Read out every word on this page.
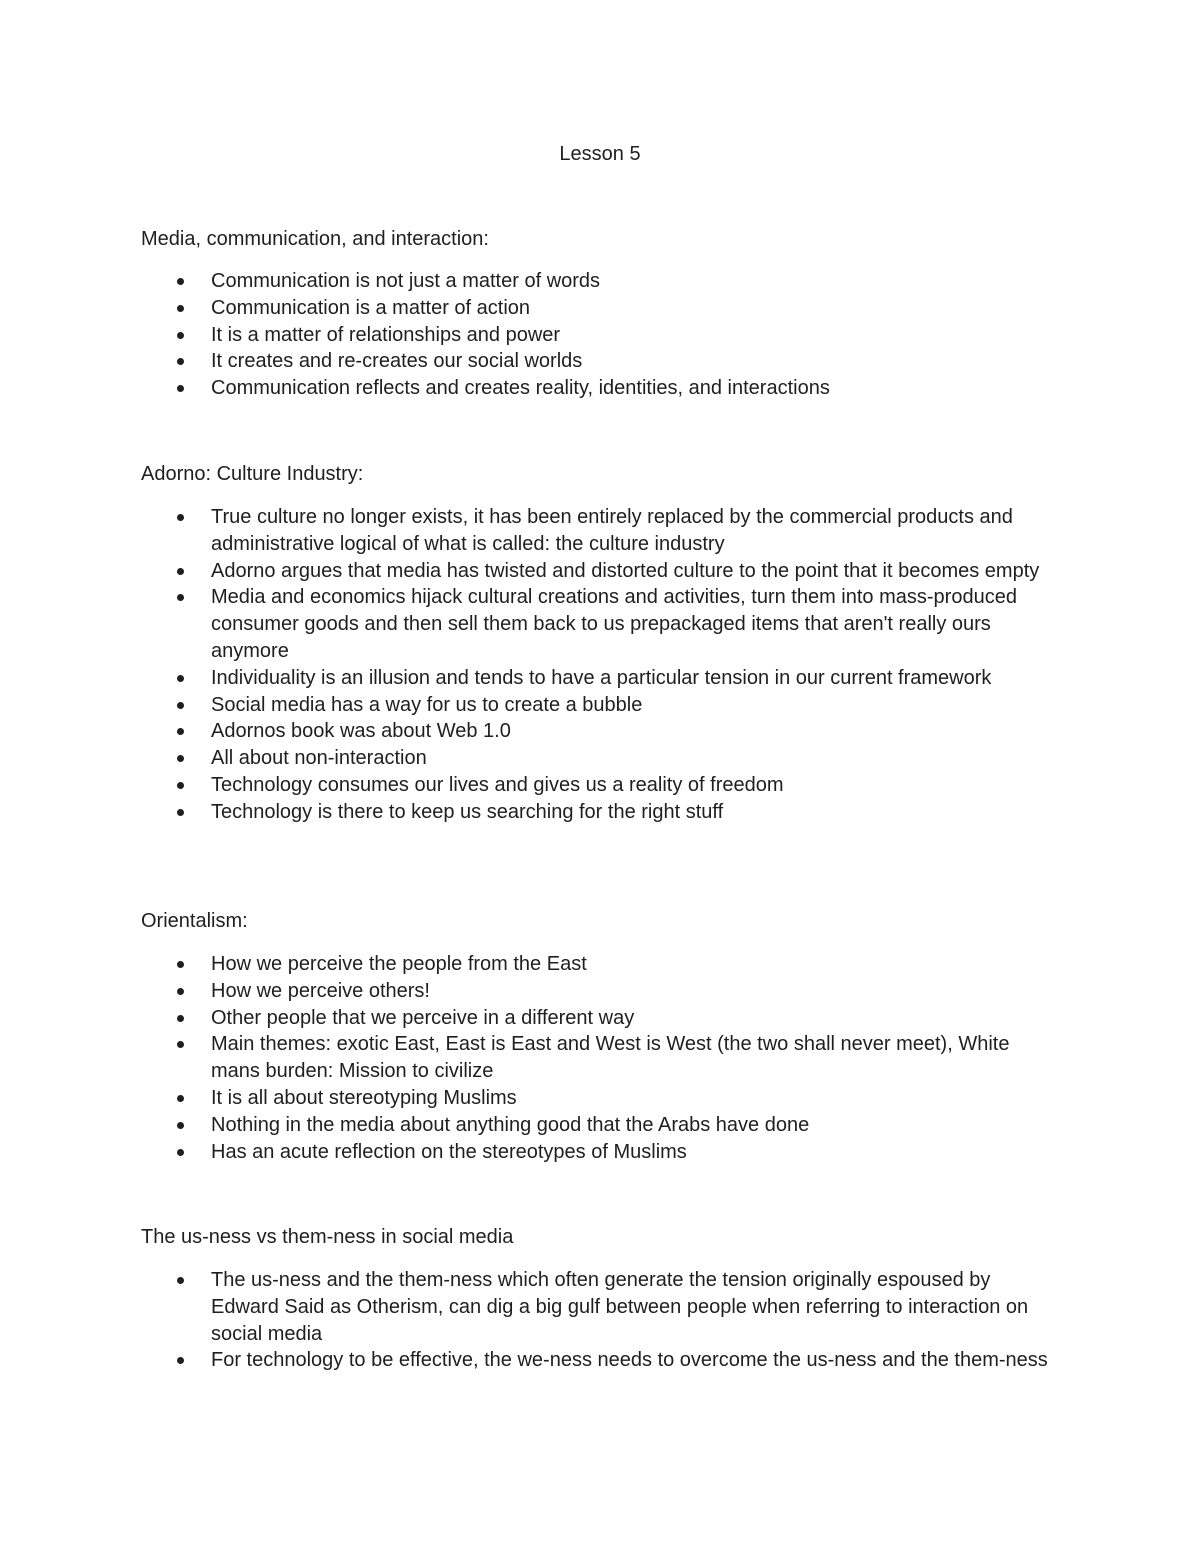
Lesson 5
Media, communication, and interaction:
Communication is not just a matter of words
Communication is a matter of action
It is a matter of relationships and power
It creates and re-creates our social worlds
Communication reflects and creates reality, identities, and interactions
Adorno: Culture Industry:
True culture no longer exists, it has been entirely replaced by the commercial products and administrative logical of what is called: the culture industry
Adorno argues that media has twisted and distorted culture to the point that it becomes empty
Media and economics hijack cultural creations and activities, turn them into mass-produced consumer goods and then sell them back to us prepackaged items that aren't really ours anymore
Individuality is an illusion and tends to have a particular tension in our current framework
Social media has a way for us to create a bubble
Adornos book was about Web 1.0
All about non-interaction
Technology consumes our lives and gives us a reality of freedom
Technology is there to keep us searching for the right stuff
Orientalism:
How we perceive the people from the East
How we perceive others!
Other people that we perceive in a different way
Main themes: exotic East, East is East and West is West (the two shall never meet), White mans burden: Mission to civilize
It is all about stereotyping Muslims
Nothing in the media about anything good that the Arabs have done
Has an acute reflection on the stereotypes of Muslims
The us-ness vs them-ness in social media
The us-ness and the them-ness which often generate the tension originally espoused by Edward Said as Otherism, can dig a big gulf between people when referring to interaction on social media
For technology to be effective, the we-ness needs to overcome the us-ness and the them-ness
